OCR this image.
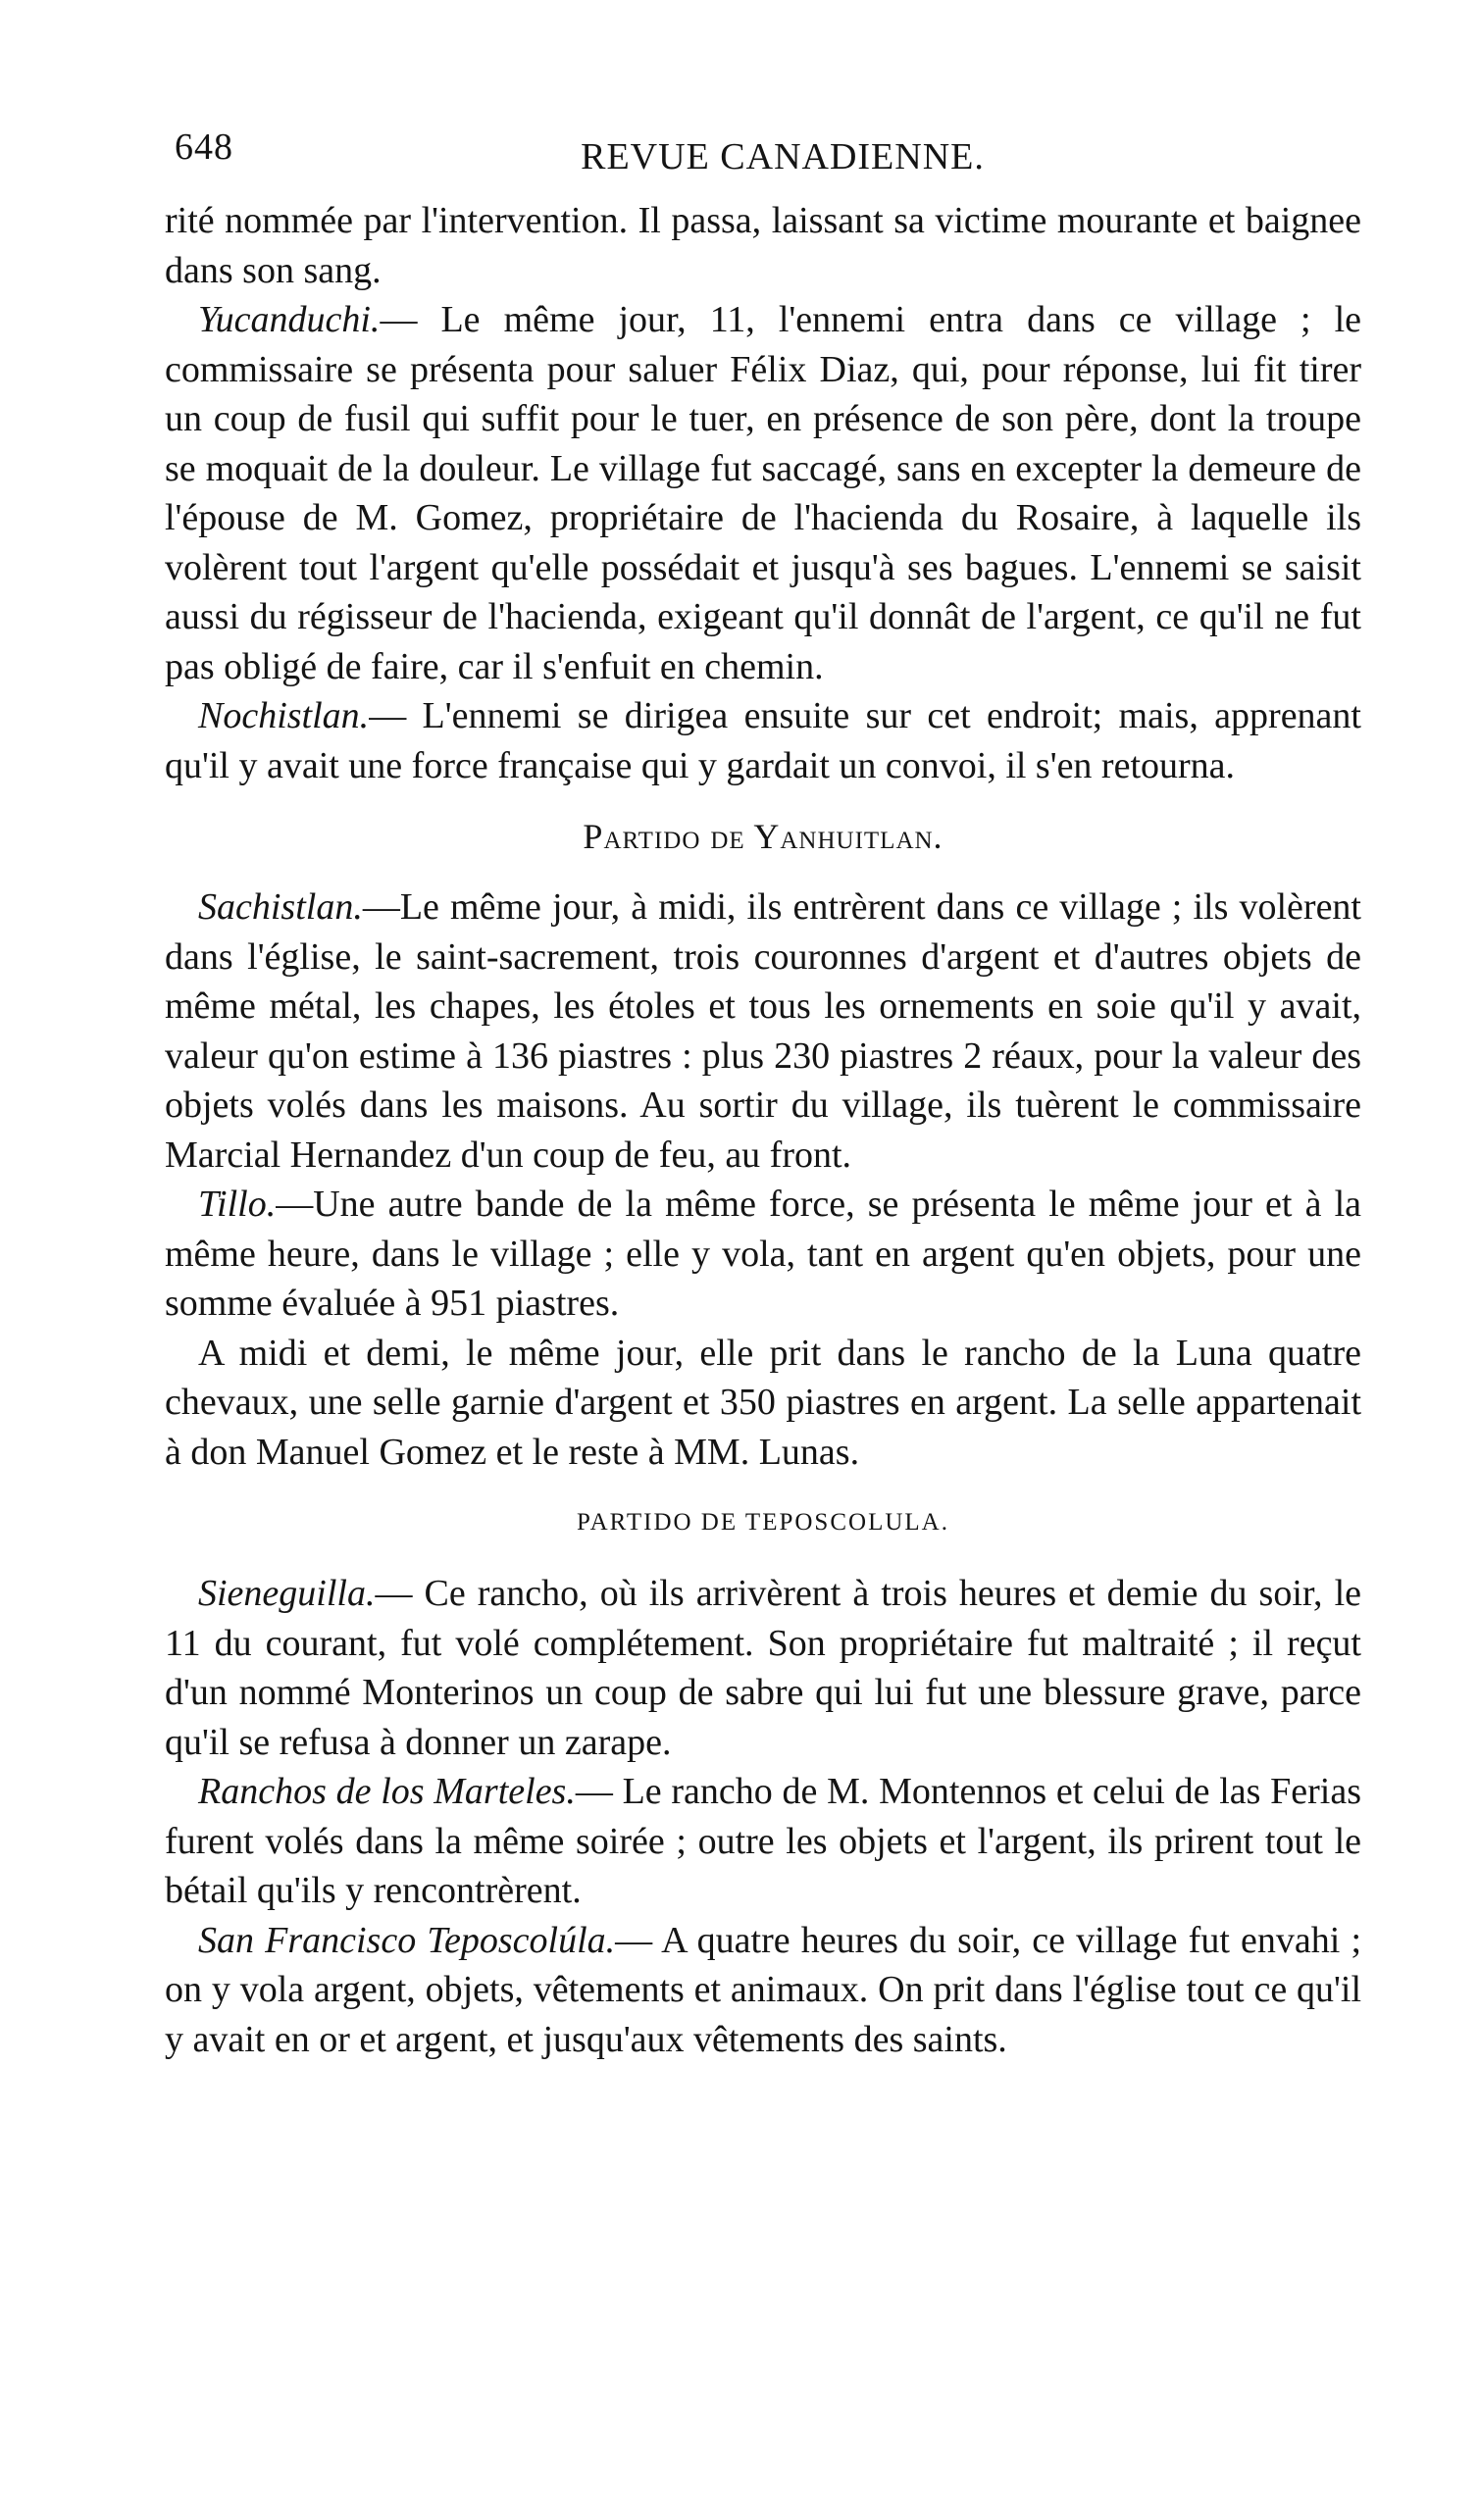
648	REVUE CANADIENNE.

rité nommée par l'intervention. Il passa, laissant sa victime mourante et baignee dans son sang.

Yucanduchi.— Le même jour, 11, l'ennemi entra dans ce village ; le commissaire se présenta pour saluer Félix Diaz, qui, pour réponse, lui fit tirer un coup de fusil qui suffit pour le tuer, en présence de son père, dont la troupe se moquait de la douleur. Le village fut saccagé, sans en excepter la demeure de l'épouse de M. Gomez, propriétaire de l'hacienda du Rosaire, à laquelle ils volèrent tout l'argent qu'elle possédait et jusqu'à ses bagues. L'ennemi se saisit aussi du régisseur de l'hacienda, exigeant qu'il donnât de l'argent, ce qu'il ne fut pas obligé de faire, car il s'enfuit en chemin.

Nochistlan.— L'ennemi se dirigea ensuite sur cet endroit; mais, apprenant qu'il y avait une force française qui y gardait un convoi, il s'en retourna.

Partido de Yanhuitlan.

Sachistlan.—Le même jour, à midi, ils entrèrent dans ce village ; ils volèrent dans l'église, le saint-sacrement, trois couronnes d'argent et d'autres objets de même métal, les chapes, les étoles et tous les ornements en soie qu'il y avait, valeur qu'on estime à 136 piastres : plus 230 piastres 2 réaux, pour la valeur des objets volés dans les maisons. Au sortir du village, ils tuèrent le commissaire Marcial Hernandez d'un coup de feu, au front.

Tillo.—Une autre bande de la même force, se présenta le même jour et à la même heure, dans le village ; elle y vola, tant en argent qu'en objets, pour une somme évaluée à 951 piastres.

A midi et demi, le même jour, elle prit dans le rancho de la Luna quatre chevaux, une selle garnie d'argent et 350 piastres en argent. La selle appartenait à don Manuel Gomez et le reste à MM. Lunas.

PARTIDO DE TEPOSCOLULA.

Sieneguilla.— Ce rancho, où ils arrivèrent à trois heures et demie du soir, le 11 du courant, fut volé complétement. Son propriétaire fut maltraité ; il reçut d'un nommé Monterinos un coup de sabre qui lui fut une blessure grave, parce qu'il se refusa à donner un zarape.

Ranchos de los Marteles.— Le rancho de M. Montennos et celui de las Ferias furent volés dans la même soirée ; outre les objets et l'argent, ils prirent tout le bétail qu'ils y rencontrèrent.

San Francisco Teposcolúla.— A quatre heures du soir, ce village fut envahi ; on y vola argent, objets, vêtements et animaux. On prit dans l'église tout ce qu'il y avait en or et argent, et jusqu'aux vêtements des saints.
